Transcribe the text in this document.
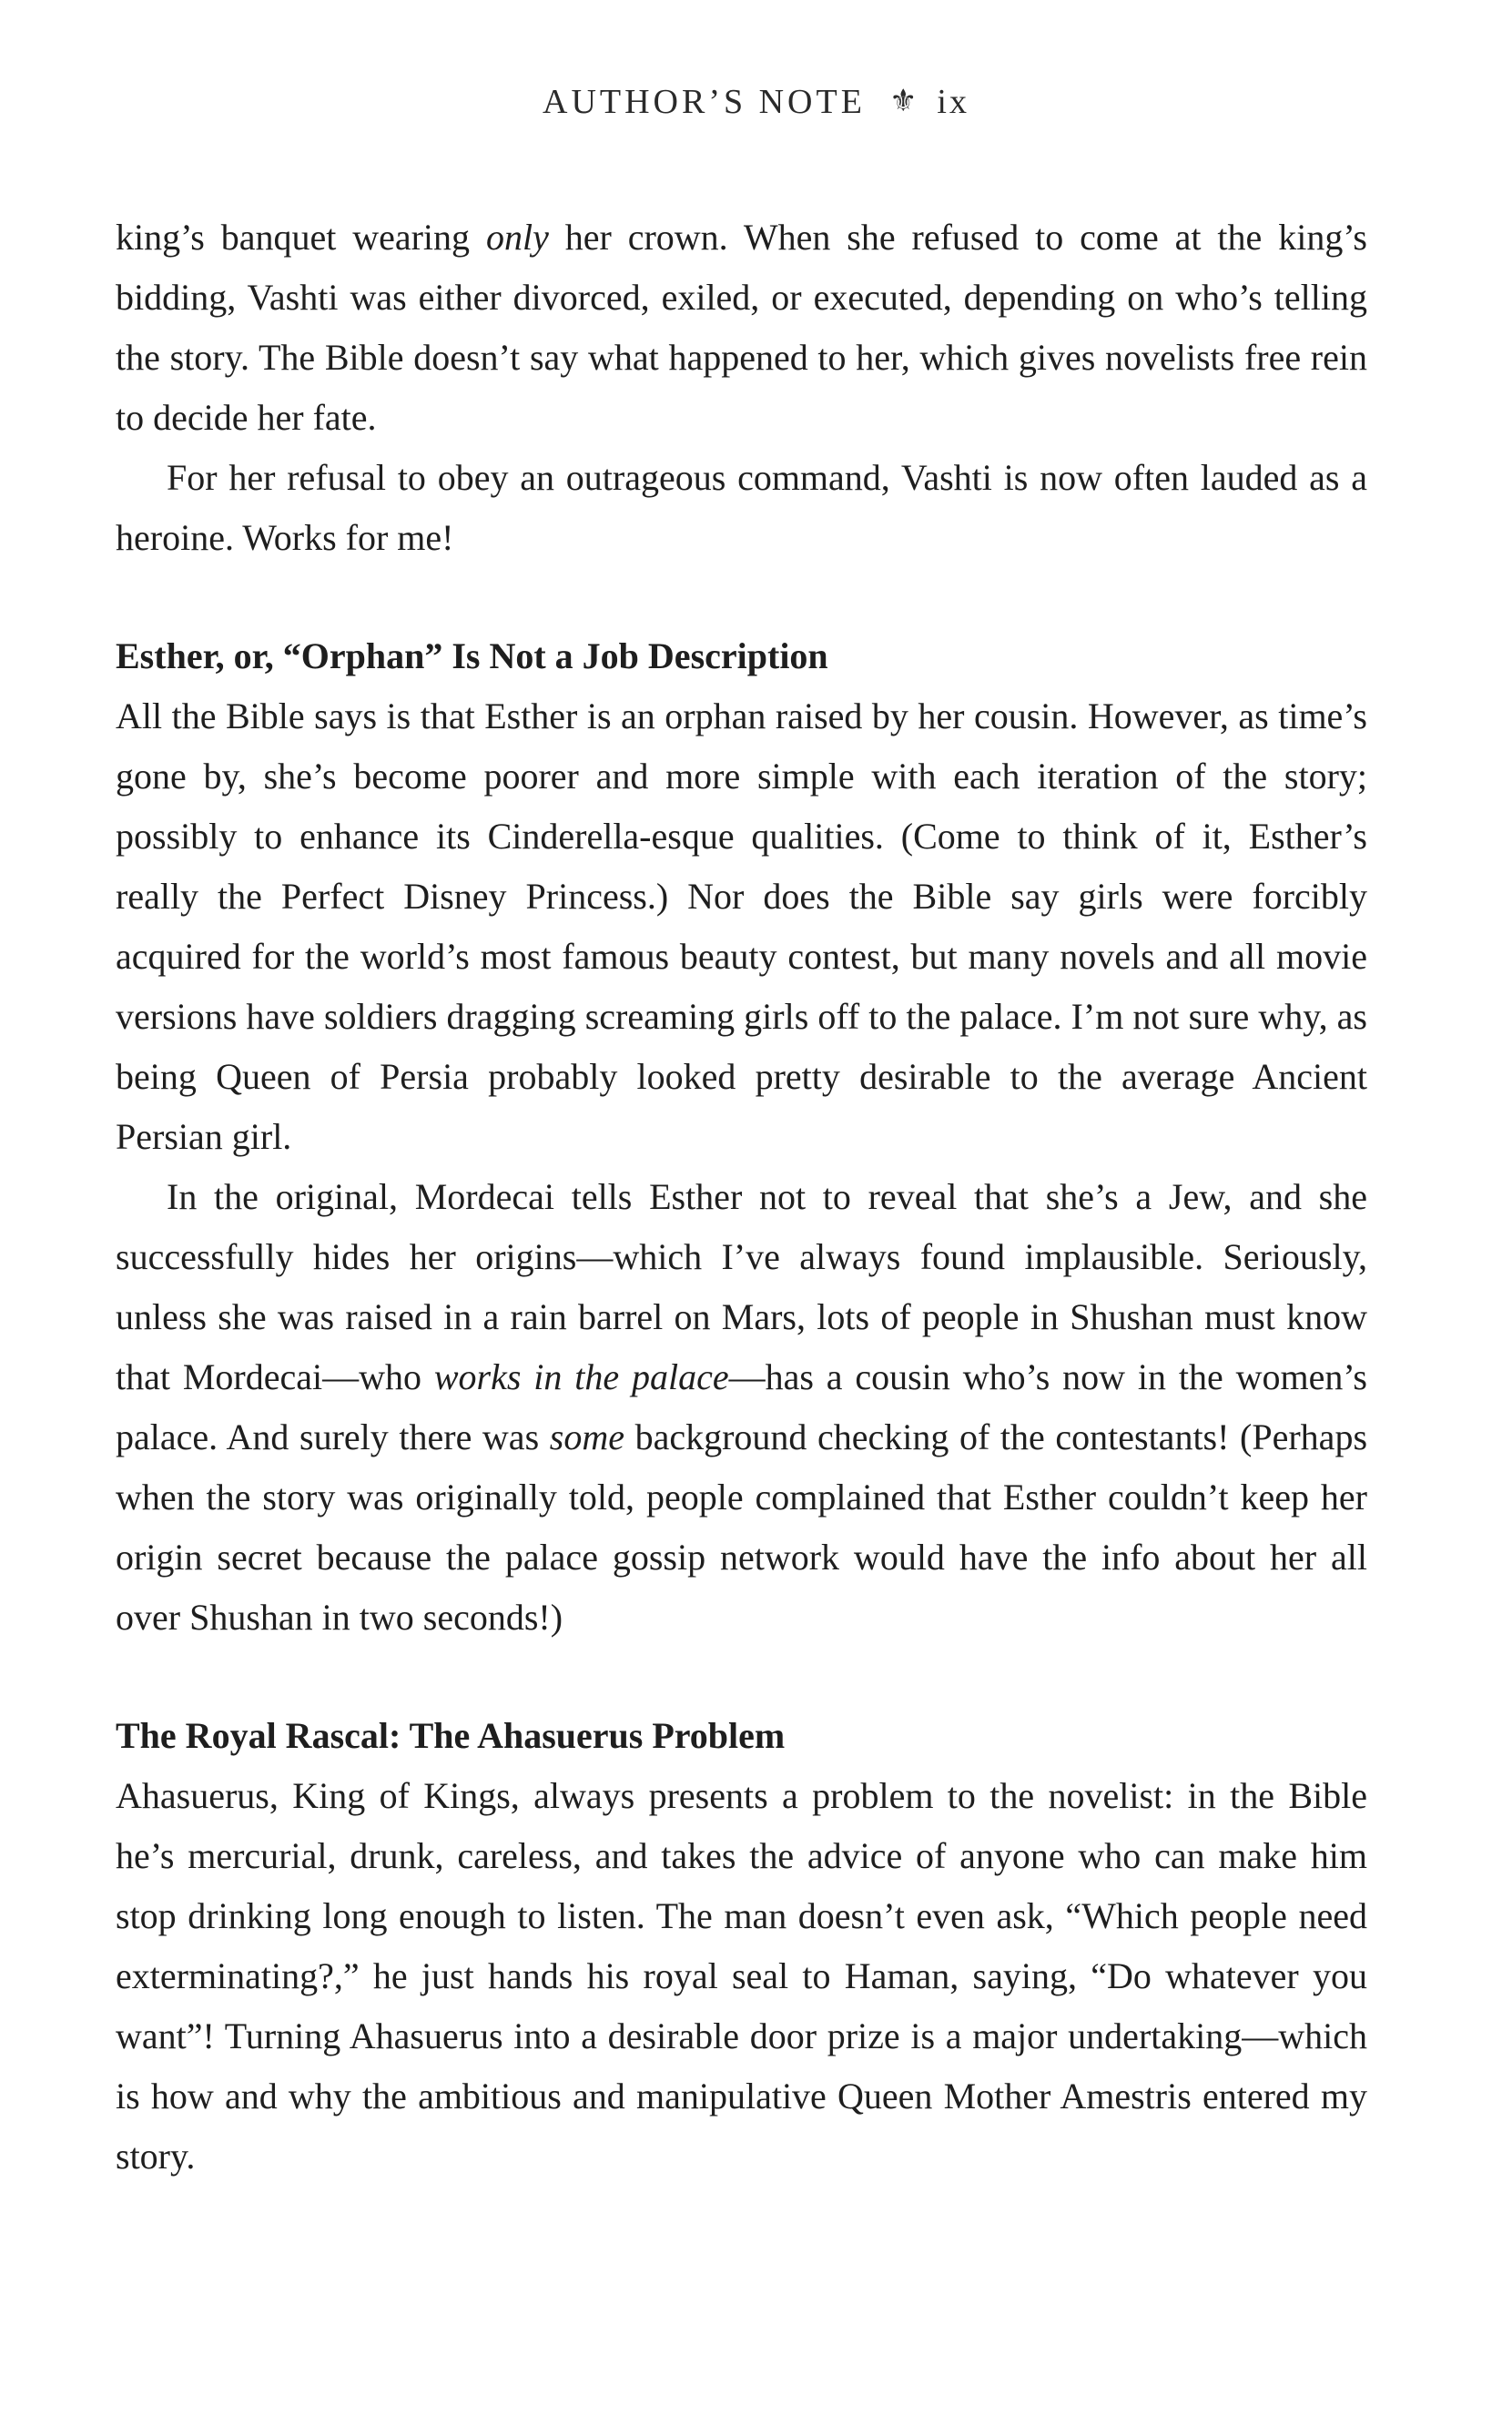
AUTHOR’S NOTE ⚜ ix

king’s banquet wearing only her crown. When she refused to come at the king’s bidding, Vashti was either divorced, exiled, or executed, depending on who’s telling the story. The Bible doesn’t say what happened to her, which gives novelists free rein to decide her fate.

For her refusal to obey an outrageous command, Vashti is now often lauded as a heroine. Works for me!

Esther, or, “Orphan” Is Not a Job Description

All the Bible says is that Esther is an orphan raised by her cousin. However, as time’s gone by, she’s become poorer and more simple with each iteration of the story; possibly to enhance its Cinderella-esque qualities. (Come to think of it, Esther’s really the Perfect Disney Princess.) Nor does the Bible say girls were forcibly acquired for the world’s most famous beauty contest, but many novels and all movie versions have soldiers dragging screaming girls off to the palace. I’m not sure why, as being Queen of Persia probably looked pretty desirable to the average Ancient Persian girl.

In the original, Mordecai tells Esther not to reveal that she’s a Jew, and she successfully hides her origins—which I’ve always found implausible. Seriously, unless she was raised in a rain barrel on Mars, lots of people in Shushan must know that Mordecai—who works in the palace—has a cousin who’s now in the women’s palace. And surely there was some background checking of the contestants! (Perhaps when the story was originally told, people complained that Esther couldn’t keep her origin secret because the palace gossip network would have the info about her all over Shushan in two seconds!)

The Royal Rascal: The Ahasuerus Problem

Ahasuerus, King of Kings, always presents a problem to the novelist: in the Bible he’s mercurial, drunk, careless, and takes the advice of anyone who can make him stop drinking long enough to listen. The man doesn’t even ask, “Which people need exterminating?,” he just hands his royal seal to Haman, saying, “Do whatever you want”! Turning Ahasuerus into a desirable door prize is a major undertaking—which is how and why the ambitious and manipulative Queen Mother Amestris entered my story.
